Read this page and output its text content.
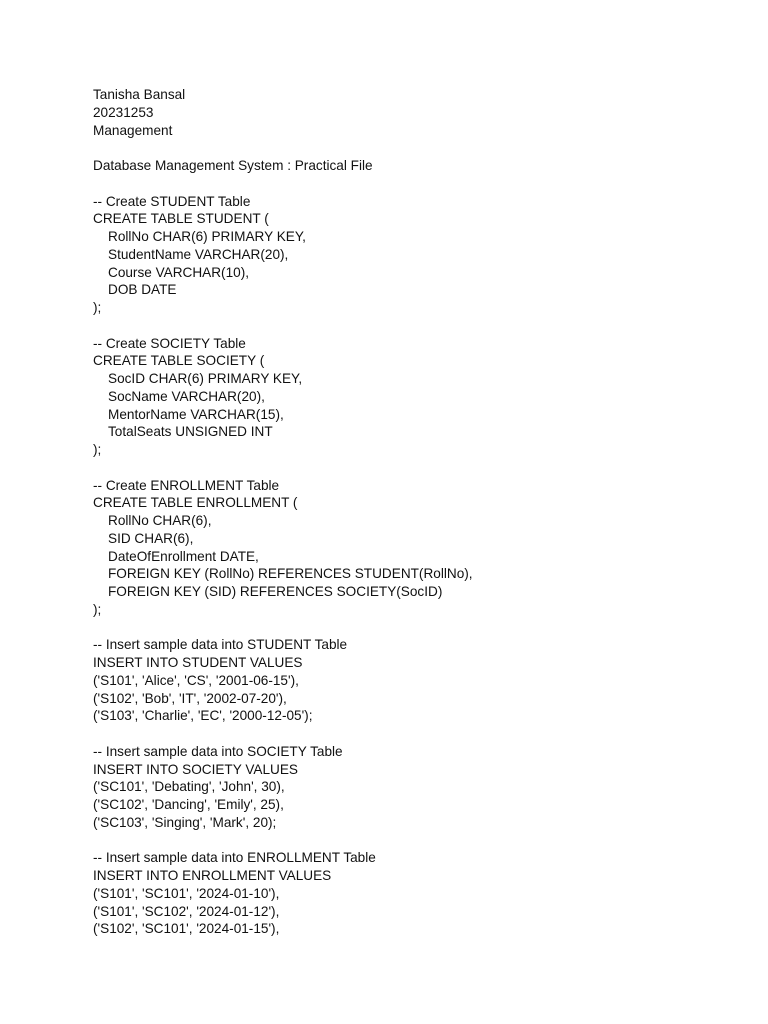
Tanisha Bansal
20231253
Management
Database Management System : Practical File
-- Create STUDENT Table
CREATE TABLE STUDENT (
RollNo CHAR(6) PRIMARY KEY,
StudentName VARCHAR(20),
Course VARCHAR(10),
DOB DATE
);
-- Create SOCIETY Table
CREATE TABLE SOCIETY (
SocID CHAR(6) PRIMARY KEY,
SocName VARCHAR(20),
MentorName VARCHAR(15),
TotalSeats UNSIGNED INT
);
-- Create ENROLLMENT Table
CREATE TABLE ENROLLMENT (
RollNo CHAR(6),
SID CHAR(6),
DateOfEnrollment DATE,
FOREIGN KEY (RollNo) REFERENCES STUDENT(RollNo),
FOREIGN KEY (SID) REFERENCES SOCIETY(SocID)
);
-- Insert sample data into STUDENT Table
INSERT INTO STUDENT VALUES
('S101', 'Alice', 'CS', '2001-06-15'),
('S102', 'Bob', 'IT', '2002-07-20'),
('S103', 'Charlie', 'EC', '2000-12-05');
-- Insert sample data into SOCIETY Table
INSERT INTO SOCIETY VALUES
('SC101', 'Debating', 'John', 30),
('SC102', 'Dancing', 'Emily', 25),
('SC103', 'Singing', 'Mark', 20);
-- Insert sample data into ENROLLMENT Table
INSERT INTO ENROLLMENT VALUES
('S101', 'SC101', '2024-01-10'),
('S101', 'SC102', '2024-01-12'),
('S102', 'SC101', '2024-01-15'),
